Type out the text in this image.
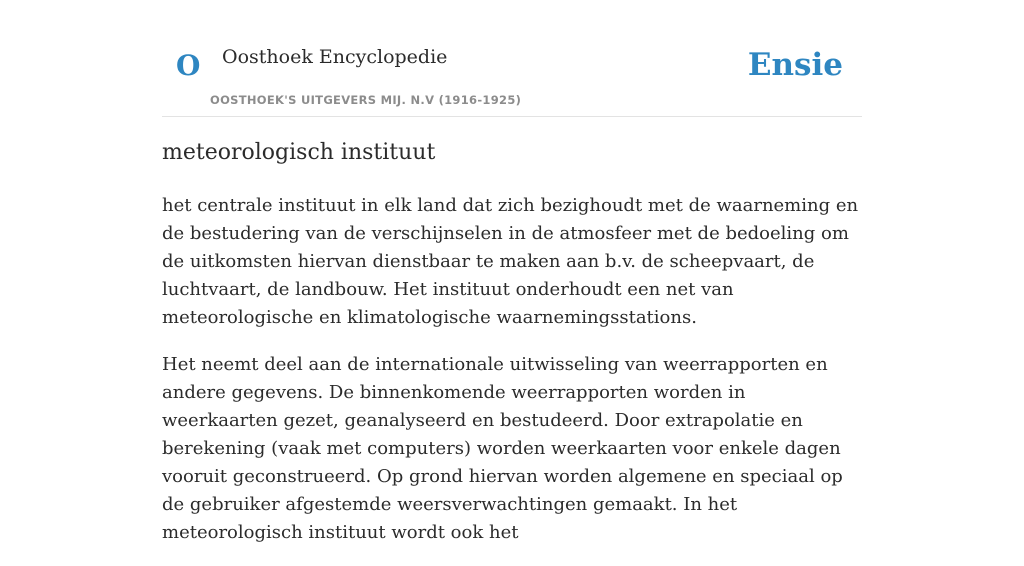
O Oosthoek Encyclopedie
OOSTHOEK'S UITGEVERS MIJ. N.V (1916-1925)
Ensie
meteorologisch instituut

het centrale instituut in elk land dat zich bezighoudt met de waarneming en de bestudering van de verschijnselen in de atmosfeer met de bedoeling om de uitkomsten hiervan dienstbaar te maken aan b.v. de scheepvaart, de luchtvaart, de landbouw. Het instituut onderhoudt een net van meteorologische en klimatologische waarnemingsstations.

Het neemt deel aan de internationale uitwisseling van weerrapporten en andere gegevens. De binnenkomende weerrapporten worden in weerkaarten gezet, geanalyseerd en bestudeerd. Door extrapolatie en berekening (vaak met computers) worden weerkaarten voor enkele dagen vooruit geconstrueerd. Op grond hiervan worden algemene en speciaal op de gebruiker afgestemde weersverwachtingen gemaakt. In het meteorologisch instituut wordt ook het
